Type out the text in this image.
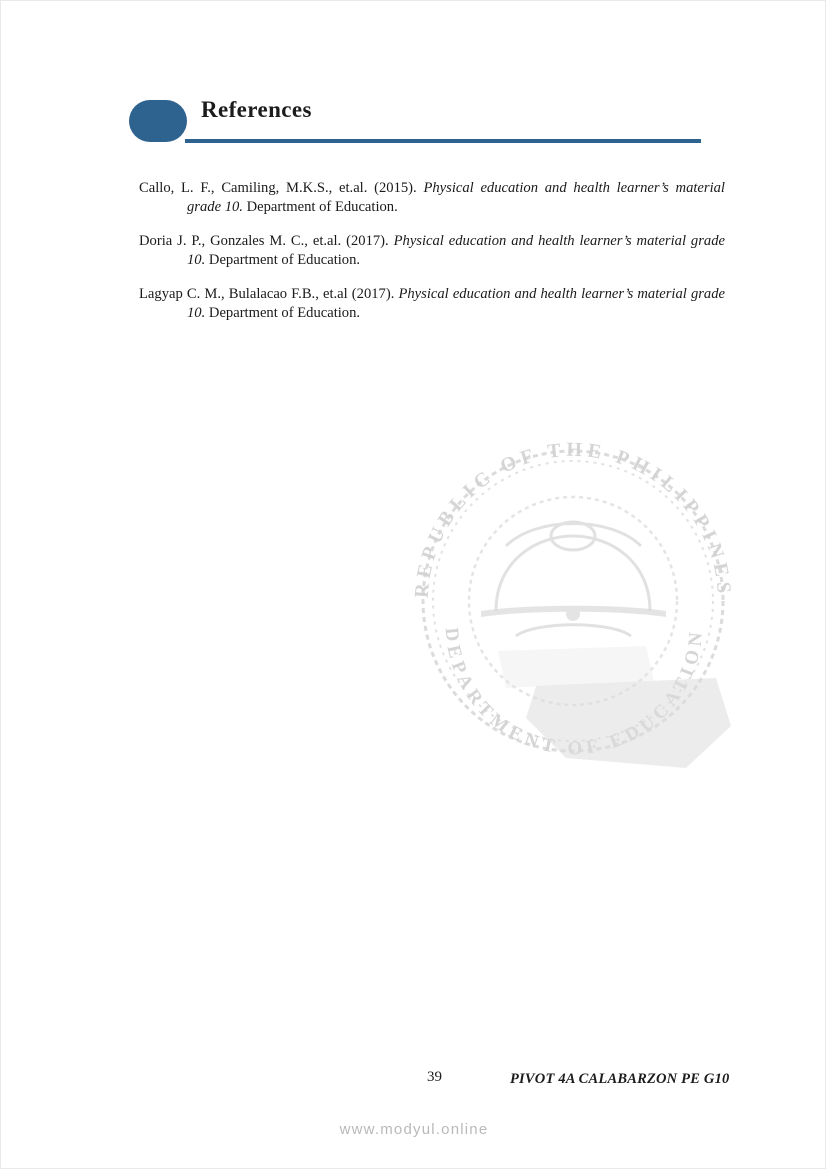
References

Callo, L. F., Camiling, M.K.S., et.al. (2015). Physical education and health learner’s material grade 10. Department of Education.

Doria J. P., Gonzales M. C., et.al. (2017). Physical education and health learner’s material grade 10. Department of Education.

Lagyap C. M., Bulalacao F.B., et.al (2017). Physical education and health learner’s material grade 10. Department of Education.

REPUBLIC OF THE PHILIPPINES
DEPARTMENT OF EDUCATION
39	PIVOT 4A CALABARZON PE G10
www.modyul.online
